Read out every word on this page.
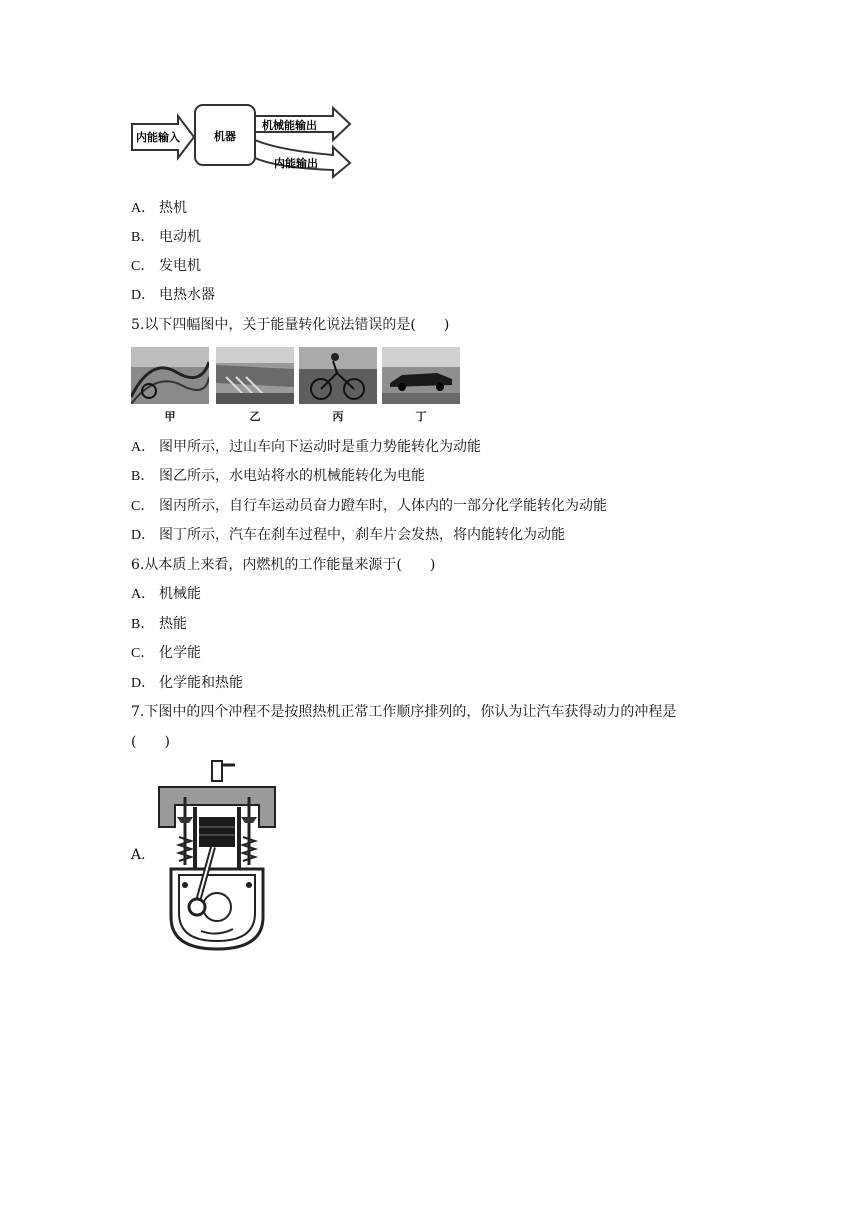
内能输入	机器
机械能输出
内能输出
A． 热机
B． 电动机
C． 发电机
D． 电热水器
5.以下四幅图中，关于能量转化说法错误的是(　　)
甲	乙	丙	丁
A． 图甲所示，过山车向下运动时是重力势能转化为动能
B． 图乙所示，水电站将水的机械能转化为电能
C． 图丙所示，自行车运动员奋力蹬车时，人体内的一部分化学能转化为动能
D． 图丁所示，汽车在刹车过程中，刹车片会发热，将内能转化为动能
6.从本质上来看，内燃机的工作能量来源于(　　)
A． 机械能
B． 热能
C． 化学能
D． 化学能和热能
7.下图中的四个冲程不是按照热机正常工作顺序排列的，你认为让汽车获得动力的冲程是
(　　)
A．
